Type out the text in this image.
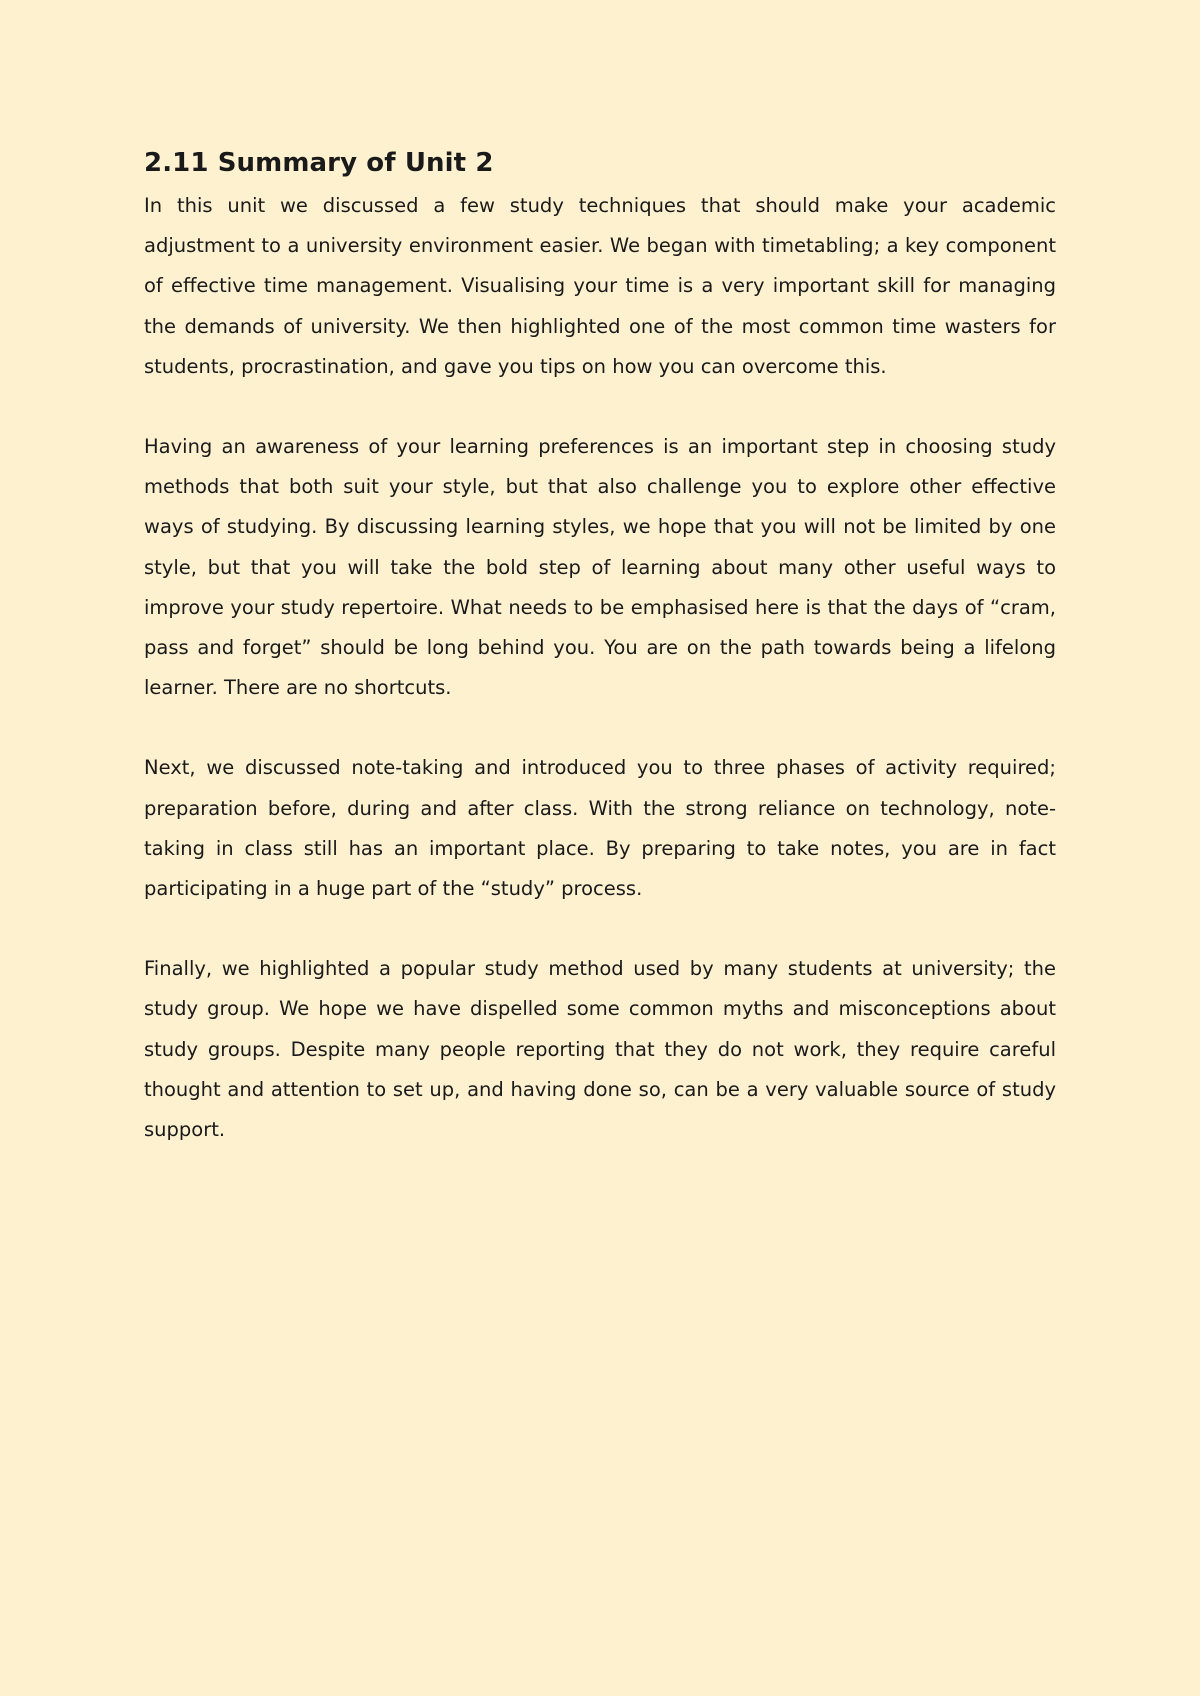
2.11 Summary of Unit 2

In this unit we discussed a few study techniques that should make your academic adjustment to a university environment easier. We began with timetabling; a key component of effective time management. Visualising your time is a very important skill for managing the demands of university. We then highlighted one of the most common time wasters for students, procrastination, and gave you tips on how you can overcome this.

Having an awareness of your learning preferences is an important step in choosing study methods that both suit your style, but that also challenge you to explore other effective ways of studying. By discussing learning styles, we hope that you will not be limited by one style, but that you will take the bold step of learning about many other useful ways to improve your study repertoire. What needs to be emphasised here is that the days of “cram, pass and forget” should be long behind you. You are on the path towards being a lifelong learner. There are no shortcuts.

Next, we discussed note-taking and introduced you to three phases of activity required; preparation before, during and after class. With the strong reliance on technology, note-taking in class still has an important place. By preparing to take notes, you are in fact participating in a huge part of the “study” process.

Finally, we highlighted a popular study method used by many students at university; the study group. We hope we have dispelled some common myths and misconceptions about study groups. Despite many people reporting that they do not work, they require careful thought and attention to set up, and having done so, can be a very valuable source of study support.
